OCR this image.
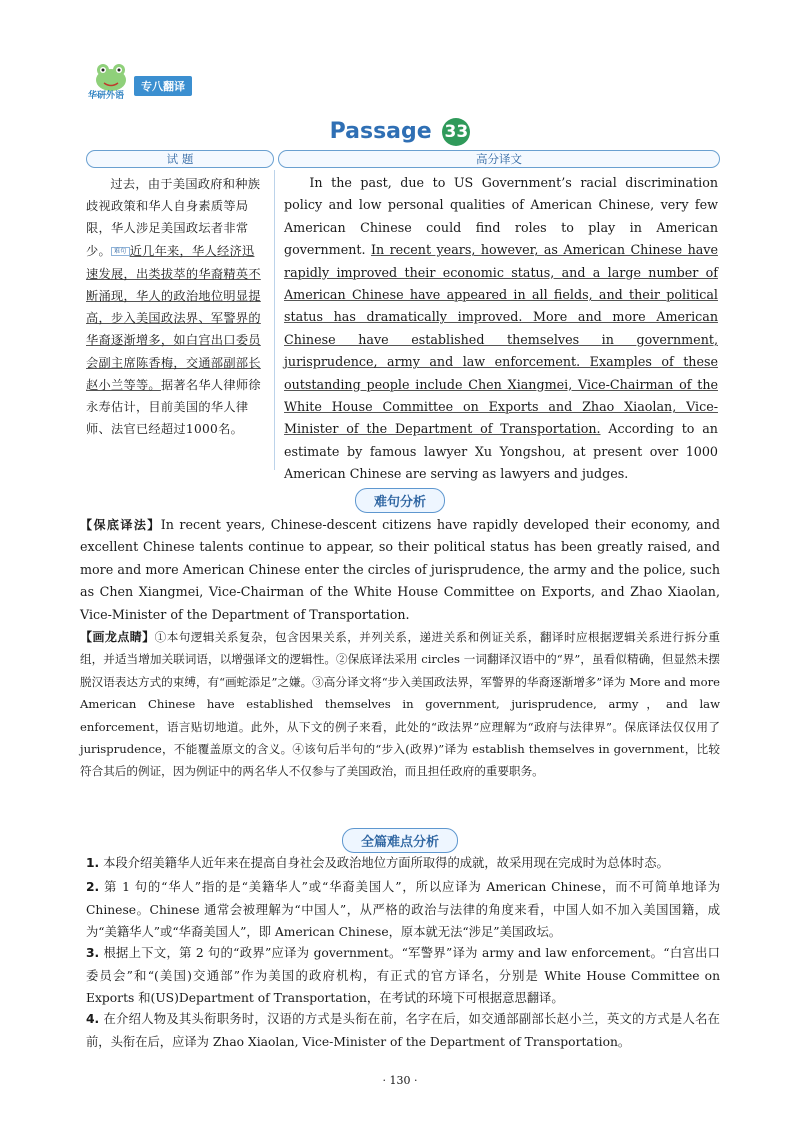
华研外语
专八翻译
Passage 33
试 题	高分译文
过去，由于美国政府和种族歧视政策和华人自身素质等局限，华人涉足美国政坛者非常少。 难句 近几年来，华人经济迅速发展，出类拔萃的华裔精英不断涌现，华人的政治地位明显提高，步入美国政法界、军警界的华裔逐渐增多，如白宫出口委员会副主席陈香梅，交通部副部长赵小兰等等。据著名华人律师徐永寿估计，目前美国的华人律师、法官已经超过1000名。
In the past, due to US Government’s racial discrimination policy and low personal qualities of American Chinese, very few American Chinese could find roles to play in American government. In recent years, however, as American Chinese have rapidly improved their economic status, and a large number of American Chinese have appeared in all fields, and their political status has dramatically improved. More and more American Chinese have established themselves in government, jurisprudence, army and law enforcement. Examples of these outstanding people include Chen Xiangmei, Vice-Chairman of the White House Committee on Exports and Zhao Xiaolan, Vice-Minister of the Department of Transportation. According to an estimate by famous lawyer Xu Yongshou, at present over 1000 American Chinese are serving as lawyers and judges.
难句分析
【保底译法】In recent years, Chinese-descent citizens have rapidly developed their economy, and excellent Chinese talents continue to appear, so their political status has been greatly raised, and more and more American Chinese enter the circles of jurisprudence, the army and the police, such as Chen Xiangmei, Vice-Chairman of the White House Committee on Exports, and Zhao Xiaolan, Vice-Minister of the Department of Transportation.
【画龙点睛】①本句逻辑关系复杂，包含因果关系，并列关系，递进关系和例证关系，翻译时应根据逻辑关系进行拆分重组，并适当增加关联词语，以增强译文的逻辑性。②保底译法采用 circles 一词翻译汉语中的“界”，虽看似精确，但显然未摆脱汉语表达方式的束缚，有“画蛇添足”之嫌。③高分译文将“步入美国政法界，军警界的华裔逐渐增多”译为 More and more American Chinese have established themselves in government, jurisprudence, army，and law enforcement，语言贴切地道。此外，从下文的例子来看，此处的“政法界”应理解为“政府与法律界”。保底译法仅仅用了 jurisprudence，不能覆盖原文的含义。④该句后半句的“步入(政界)”译为 establish themselves in government，比较符合其后的例证，因为例证中的两名华人不仅参与了美国政治，而且担任政府的重要职务。
全篇难点分析
1. 本段介绍美籍华人近年来在提高自身社会及政治地位方面所取得的成就，故采用现在完成时为总体时态。
2. 第 1 句的“华人”指的是“美籍华人”或“华裔美国人”，所以应译为 American Chinese，而不可简单地译为 Chinese。Chinese 通常会被理解为“中国人”，从严格的政治与法律的角度来看，中国人如不加入美国国籍，成为“美籍华人”或“华裔美国人”，即 American Chinese，原本就无法“涉足”美国政坛。
3. 根据上下文，第 2 句的“政界”应译为 government。“军警界”译为 army and law enforcement。“白宫出口委员会”和“(美国)交通部”作为美国的政府机构，有正式的官方译名，分别是 White House Committee on Exports 和(US)Department of Transportation，在考试的环境下可根据意思翻译。
4. 在介绍人物及其头衔职务时，汉语的方式是头衔在前，名字在后，如交通部副部长赵小兰，英文的方式是人名在前，头衔在后，应译为 Zhao Xiaolan, Vice-Minister of the Department of Transportation。
· 130 ·
